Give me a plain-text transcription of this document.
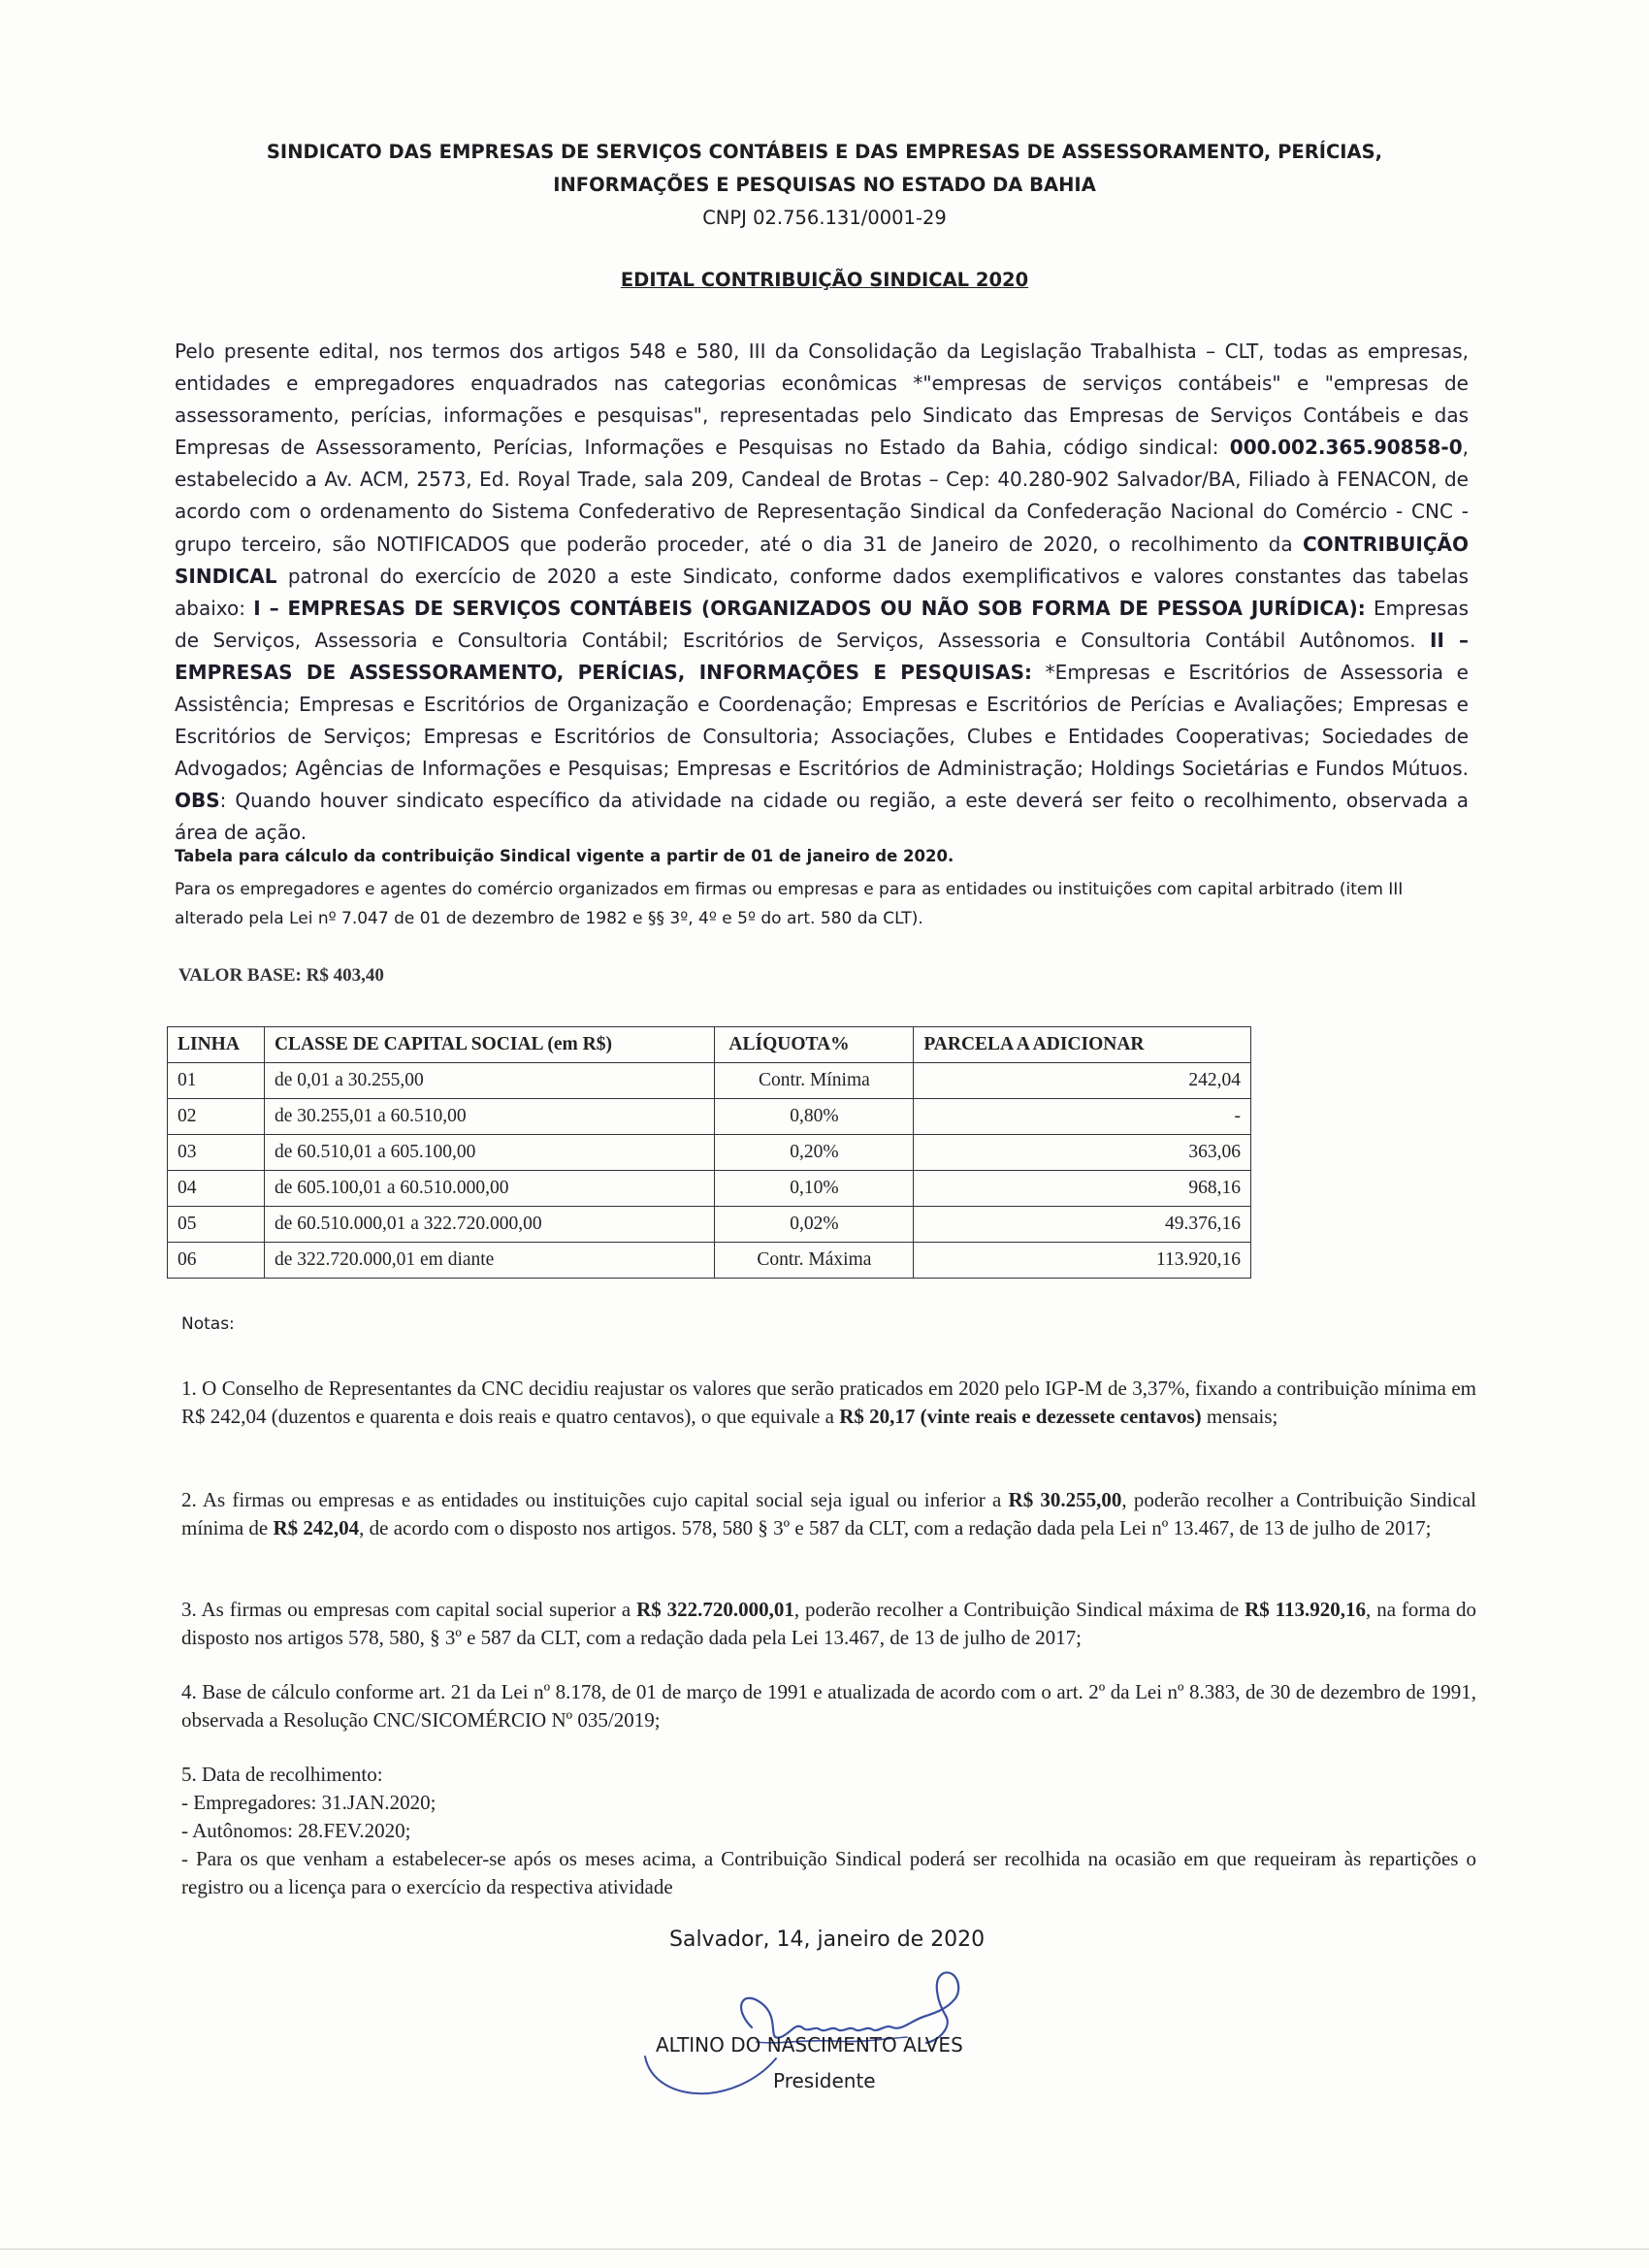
SINDICATO DAS EMPRESAS DE SERVIÇOS CONTÁBEIS E DAS EMPRESAS DE ASSESSORAMENTO, PERÍCIAS,
INFORMAÇÕES E PESQUISAS NO ESTADO DA BAHIA
CNPJ 02.756.131/0001-29
EDITAL CONTRIBUIÇÃO SINDICAL 2020
Pelo presente edital, nos termos dos artigos 548 e 580, III da Consolidação da Legislação Trabalhista – CLT, todas as empresas, entidades e empregadores enquadrados nas categorias econômicas *"empresas de serviços contábeis" e "empresas de assessoramento, perícias, informações e pesquisas", representadas pelo Sindicato das Empresas de Serviços Contábeis e das Empresas de Assessoramento, Perícias, Informações e Pesquisas no Estado da Bahia, código sindical: 000.002.365.90858-0, estabelecido a Av. ACM, 2573, Ed. Royal Trade, sala 209, Candeal de Brotas – Cep: 40.280-902 Salvador/BA, Filiado à FENACON, de acordo com o ordenamento do Sistema Confederativo de Representação Sindical da Confederação Nacional do Comércio - CNC - grupo terceiro, são NOTIFICADOS que poderão proceder, até o dia 31 de Janeiro de 2020, o recolhimento da CONTRIBUIÇÃO SINDICAL patronal do exercício de 2020 a este Sindicato, conforme dados exemplificativos e valores constantes das tabelas abaixo: I – EMPRESAS DE SERVIÇOS CONTÁBEIS (ORGANIZADOS OU NÃO SOB FORMA DE PESSOA JURÍDICA): Empresas de Serviços, Assessoria e Consultoria Contábil; Escritórios de Serviços, Assessoria e Consultoria Contábil Autônomos. II – EMPRESAS DE ASSESSORAMENTO, PERÍCIAS, INFORMAÇÕES E PESQUISAS: *Empresas e Escritórios de Assessoria e Assistência; Empresas e Escritórios de Organização e Coordenação; Empresas e Escritórios de Perícias e Avaliações; Empresas e Escritórios de Serviços; Empresas e Escritórios de Consultoria; Associações, Clubes e Entidades Cooperativas; Sociedades de Advogados; Agências de Informações e Pesquisas; Empresas e Escritórios de Administração; Holdings Societárias e Fundos Mútuos. OBS: Quando houver sindicato específico da atividade na cidade ou região, a este deverá ser feito o recolhimento, observada a área de ação.
Tabela para cálculo da contribuição Sindical vigente a partir de 01 de janeiro de 2020.
Para os empregadores e agentes do comércio organizados em firmas ou empresas e para as entidades ou instituições com capital arbitrado (item III alterado pela Lei nº 7.047 de 01 de dezembro de 1982 e §§ 3º, 4º e 5º do art. 580 da CLT).
VALOR BASE: R$ 403,40
LINHA	CLASSE DE CAPITAL SOCIAL (em R$)	ALÍQUOTA%	PARCELA A ADICIONAR
01	de 0,01 a 30.255,00	Contr. Mínima	242,04
02	de 30.255,01 a 60.510,00	0,80%	-
03	de 60.510,01 a 605.100,00	0,20%	363,06
04	de 605.100,01 a 60.510.000,00	0,10%	968,16
05	de 60.510.000,01 a 322.720.000,00	0,02%	49.376,16
06	de 322.720.000,01 em diante	Contr. Máxima	113.920,16
Notas:
1. O Conselho de Representantes da CNC decidiu reajustar os valores que serão praticados em 2020 pelo IGP-M de 3,37%, fixando a contribuição mínima em R$ 242,04 (duzentos e quarenta e dois reais e quatro centavos), o que equivale a R$ 20,17 (vinte reais e dezessete centavos) mensais;
2. As firmas ou empresas e as entidades ou instituições cujo capital social seja igual ou inferior a R$ 30.255,00, poderão recolher a Contribuição Sindical mínima de R$ 242,04, de acordo com o disposto nos artigos. 578, 580 § 3º e 587 da CLT, com a redação dada pela Lei nº 13.467, de 13 de julho de 2017;
3. As firmas ou empresas com capital social superior a R$ 322.720.000,01, poderão recolher a Contribuição Sindical máxima de R$ 113.920,16, na forma do disposto nos artigos 578, 580, § 3º e 587 da CLT, com a redação dada pela Lei 13.467, de 13 de julho de 2017;
4. Base de cálculo conforme art. 21 da Lei nº 8.178, de 01 de março de 1991 e atualizada de acordo com o art. 2º da Lei nº 8.383, de 30 de dezembro de 1991, observada a Resolução CNC/SICOMÉRCIO Nº 035/2019;
5. Data de recolhimento:
- Empregadores: 31.JAN.2020;
- Autônomos: 28.FEV.2020;
- Para os que venham a estabelecer-se após os meses acima, a Contribuição Sindical poderá ser recolhida na ocasião em que requeiram às repartições o registro ou a licença para o exercício da respectiva atividade
Salvador, 14, janeiro de 2020
ALTINO DO NASCIMENTO ALVES
Presidente
